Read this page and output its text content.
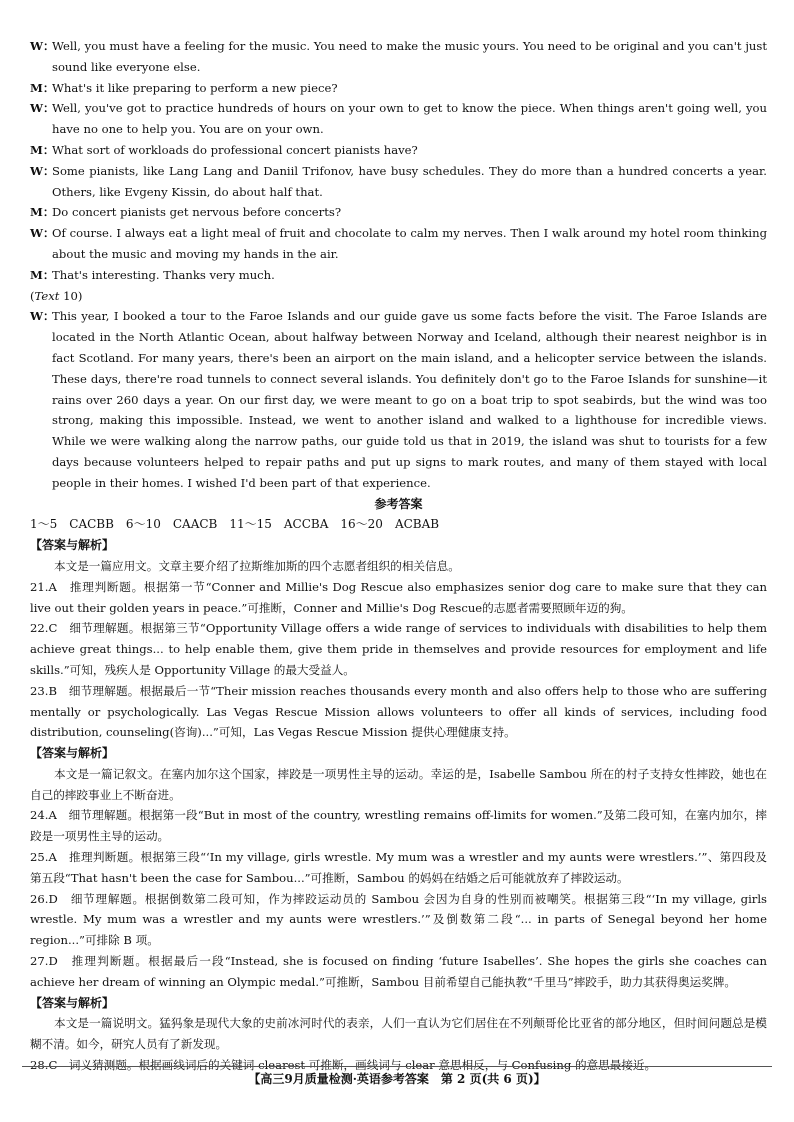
W：Well, you must have a feeling for the music. You need to make the music yours. You need to be original and you can't just sound like everyone else.

M：What's it like preparing to perform a new piece?

W：Well, you've got to practice hundreds of hours on your own to get to know the piece. When things aren't going well, you have no one to help you. You are on your own.

M：What sort of workloads do professional concert pianists have?

W：Some pianists, like Lang Lang and Daniil Trifonov, have busy schedules. They do more than a hundred concerts a year. Others, like Evgeny Kissin, do about half that.

M：Do concert pianists get nervous before concerts?

W：Of course. I always eat a light meal of fruit and chocolate to calm my nerves. Then I walk around my hotel room thinking about the music and moving my hands in the air.

M：That's interesting. Thanks very much.

(Text 10)

W：This year, I booked a tour to the Faroe Islands and our guide gave us some facts before the visit. The Faroe Islands are located in the North Atlantic Ocean, about halfway between Norway and Iceland, although their nearest neighbor is in fact Scotland. For many years, there's been an airport on the main island, and a helicopter service between the islands. These days, there're road tunnels to connect several islands. You definitely don't go to the Faroe Islands for sunshine—it rains over 260 days a year. On our first day, we were meant to go on a boat trip to spot seabirds, but the wind was too strong, making this impossible. Instead, we went to another island and walked to a lighthouse for incredible views. While we were walking along the narrow paths, our guide told us that in 2019, the island was shut to tourists for a few days because volunteers helped to repair paths and put up signs to mark routes, and many of them stayed with local people in their homes. I wished I'd been part of that experience.

参考答案

1～5　CACBB　6～10　CAACB　11～15　ACCBA　16～20　ACBAB

【答案与解析】

本文是一篇应用文。文章主要介绍了拉斯维加斯的四个志愿者组织的相关信息。

21.A　推理判断题。根据第一节“Conner and Millie's Dog Rescue also emphasizes senior dog care to make sure that they can live out their golden years in peace.”可推断，Conner and Millie's Dog Rescue的志愿者需要照顾年迈的狗。

22.C　细节理解题。根据第三节“Opportunity Village offers a wide range of services to individuals with disabilities to help them achieve great things... to help enable them, give them pride in themselves and provide resources for employment and life skills.”可知，残疾人是 Opportunity Village 的最大受益人。

23.B　细节理解题。根据最后一节“Their mission reaches thousands every month and also offers help to those who are suffering mentally or psychologically. Las Vegas Rescue Mission allows volunteers to offer all kinds of services, including food distribution, counseling(咨询)...”可知，Las Vegas Rescue Mission 提供心理健康支持。

【答案与解析】

本文是一篇记叙文。在塞内加尔这个国家，摔跤是一项男性主导的运动。幸运的是，Isabelle Sambou 所在的村子支持女性摔跤，她也在自己的摔跤事业上不断奋进。

24.A　细节理解题。根据第一段“But in most of the country, wrestling remains off-limits for women.”及第二段可知，在塞内加尔，摔跤是一项男性主导的运动。

25.A　推理判断题。根据第三段“‘In my village, girls wrestle. My mum was a wrestler and my aunts were wrestlers.’”、第四段及第五段“That hasn't been the case for Sambou...”可推断，Sambou 的妈妈在结婚之后可能就放弃了摔跤运动。

26.D　细节理解题。根据倒数第二段可知，作为摔跤运动员的 Sambou 会因为自身的性别而被嘲笑。根据第三段“‘In my village, girls wrestle. My mum was a wrestler and my aunts were wrestlers.’”及倒数第二段“... in parts of Senegal beyond her home region...”可排除 B 项。

27.D　推理判断题。根据最后一段“Instead, she is focused on finding ‘future Isabelles’. She hopes the girls she coaches can achieve her dream of winning an Olympic medal.”可推断，Sambou 目前希望自己能执教“千里马”摔跤手，助力其获得奥运奖牌。

【答案与解析】

本文是一篇说明文。猛犸象是现代大象的史前冰河时代的表亲，人们一直认为它们居住在不列颠哥伦比亚省的部分地区，但时间问题总是模糊不清。如今，研究人员有了新发现。

28.C　词义猜测题。根据画线词后的关键词 clearest 可推断，画线词与 clear 意思相反，与 Confusing 的意思最接近。

【高三9月质量检测·英语参考答案　第 2 页(共 6 页)】
